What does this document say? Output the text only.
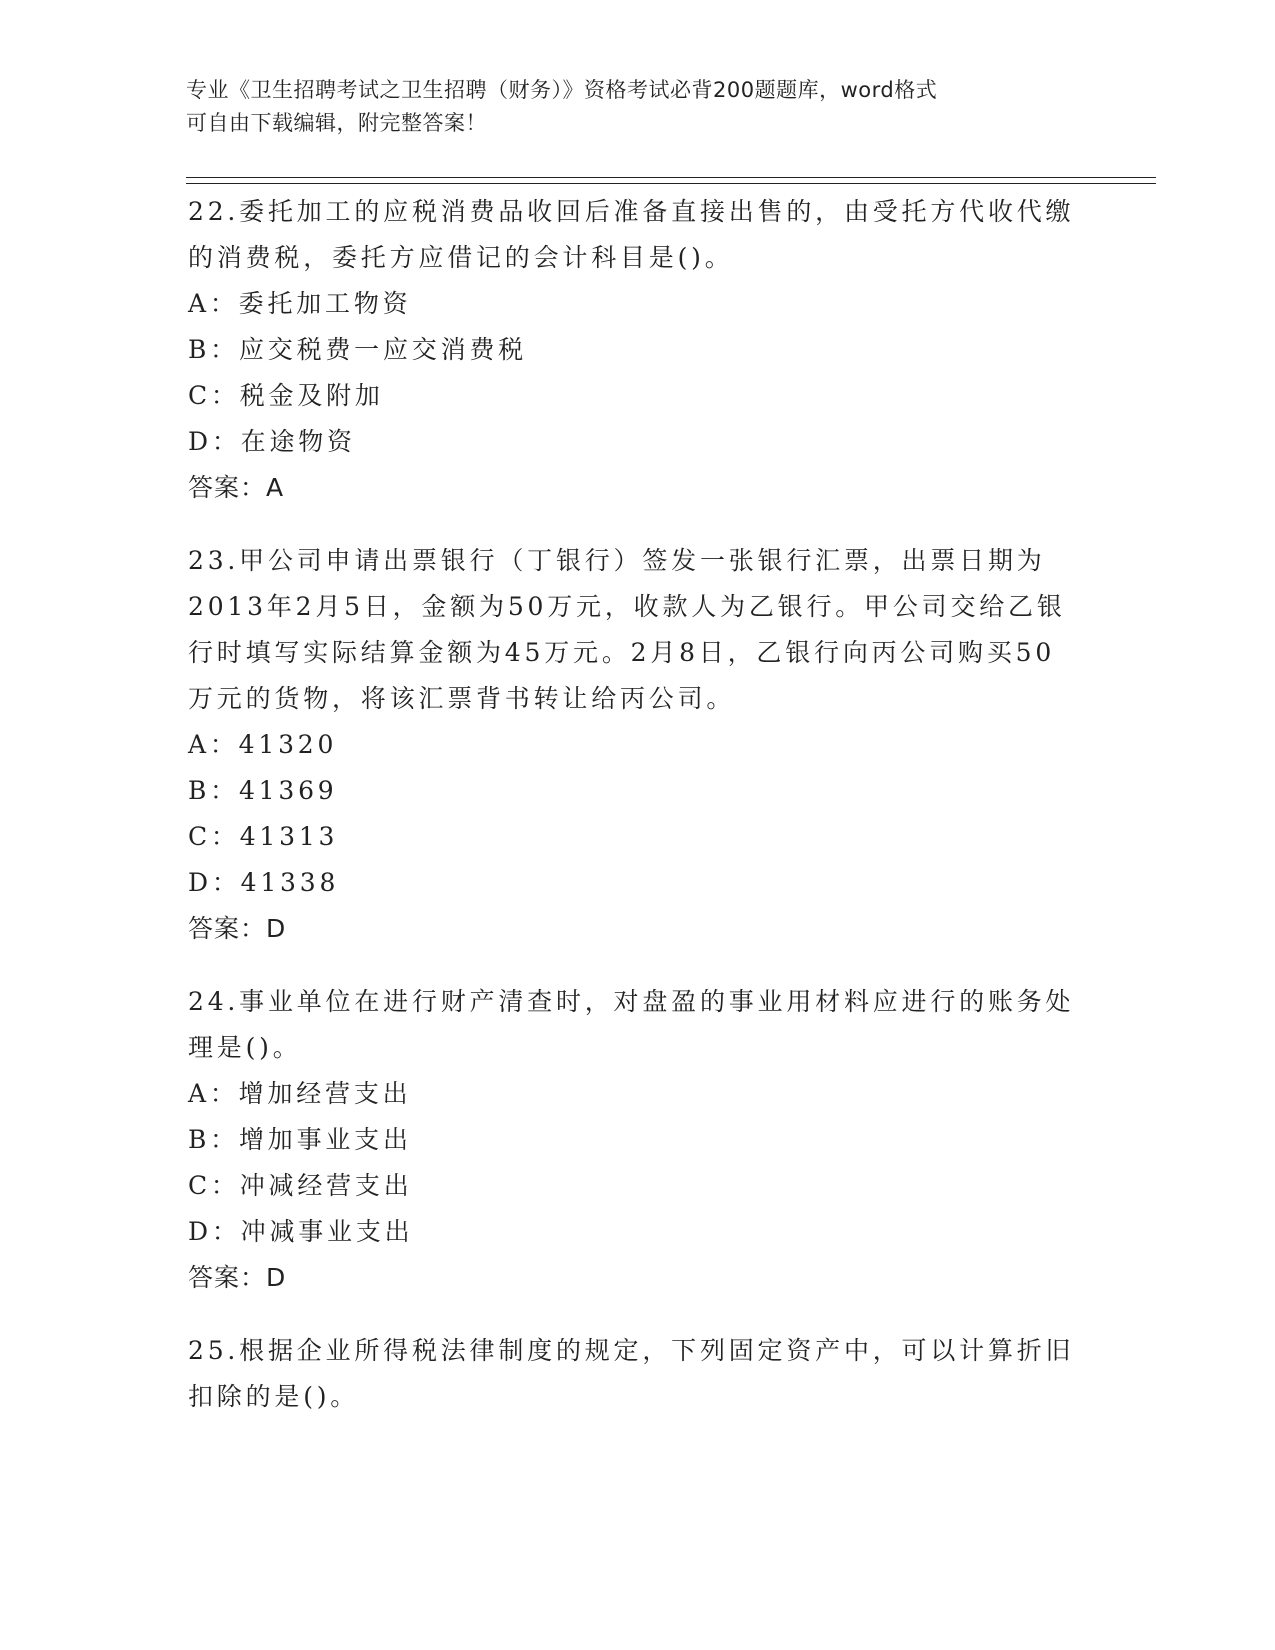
专业《卫生招聘考试之卫生招聘（财务）》资格考试必背200题题库，word格式
可自由下载编辑，附完整答案！
22.委托加工的应税消费品收回后准备直接出售的，由受托方代收代缴
的消费税，委托方应借记的会计科目是()。
A：委托加工物资
B：应交税费一应交消费税
C：税金及附加
D：在途物资
答案：A
23.甲公司申请出票银行（丁银行）签发一张银行汇票，出票日期为
2013年2月5日，金额为50万元，收款人为乙银行。甲公司交给乙银
行时填写实际结算金额为45万元。2月8日，乙银行向丙公司购买50
万元的货物，将该汇票背书转让给丙公司。
A：41320
B：41369
C：41313
D：41338
答案：D
24.事业单位在进行财产清查时，对盘盈的事业用材料应进行的账务处
理是()。
A：增加经营支出
B：增加事业支出
C：冲减经营支出
D：冲减事业支出
答案：D
25.根据企业所得税法律制度的规定，下列固定资产中，可以计算折旧
扣除的是()。
